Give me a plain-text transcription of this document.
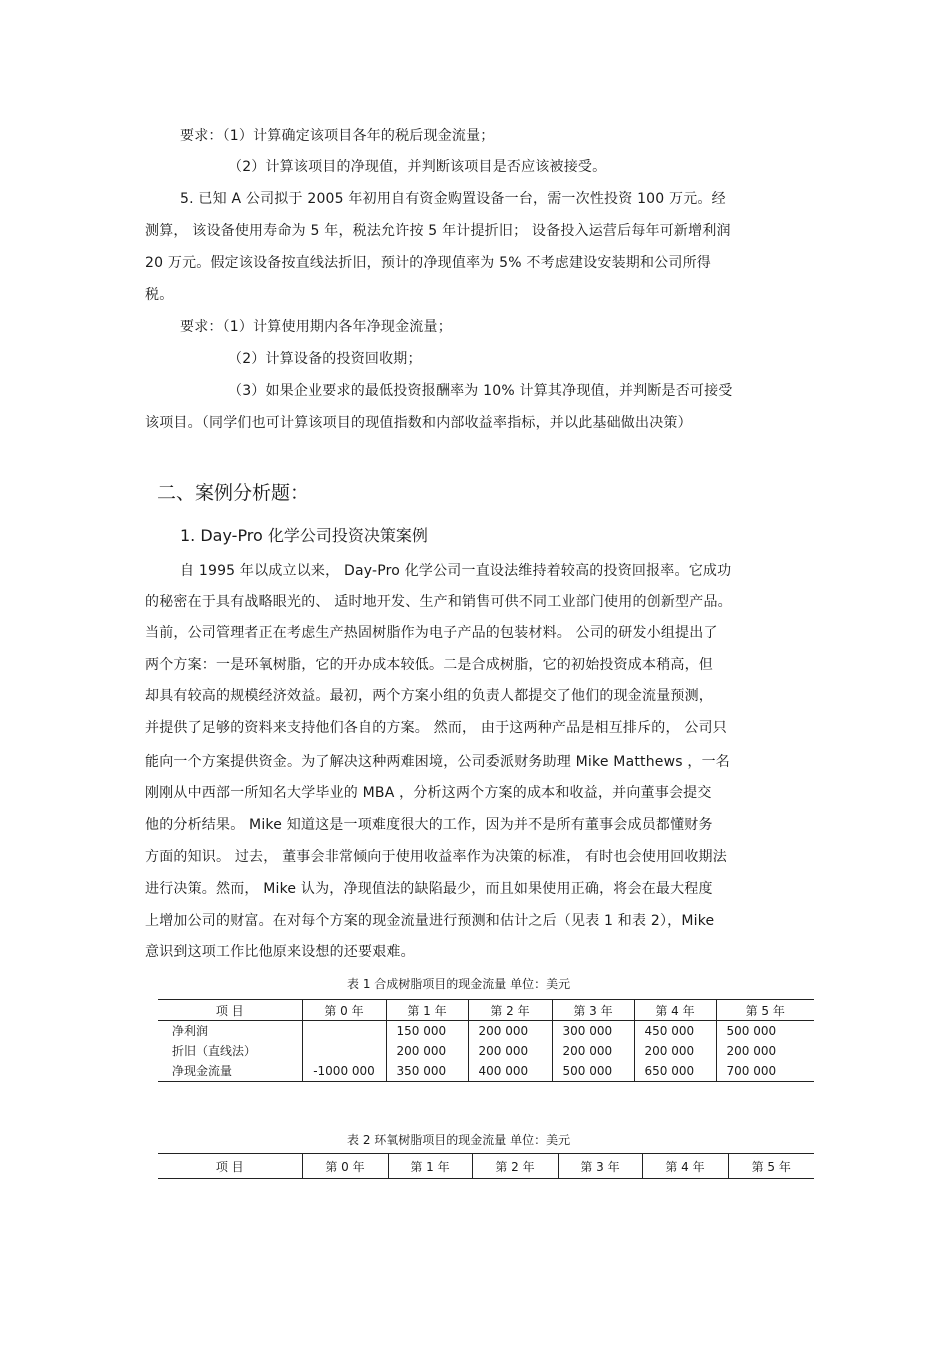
要求：（1）计算确定该项目各年的税后现金流量；
（2）计算该项目的净现值，并判断该项目是否应该被接受。
5. 已知 A 公司拟于 2005 年初用自有资金购置设备一台，需一次性投资 100 万元。经
测算， 该设备使用寿命为 5 年，税法允许按 5 年计提折旧； 设备投入运营后每年可新增利润
20 万元。假定该设备按直线法折旧，预计的净现值率为 5% 不考虑建设安装期和公司所得
税。
要求：（1）计算使用期内各年净现金流量；
（2）计算设备的投资回收期；
（3）如果企业要求的最低投资报酬率为 10% 计算其净现值，并判断是否可接受
该项目。（同学们也可计算该项目的现值指数和内部收益率指标，并以此基础做出决策）
二、案例分析题：
1. Day-Pro 化学公司投资决策案例
自 1995 年以成立以来， Day-Pro 化学公司一直设法维持着较高的投资回报率。它成功
的秘密在于具有战略眼光的、 适时地开发、生产和销售可供不同工业部门使用的创新型产品。
当前，公司管理者正在考虑生产热固树脂作为电子产品的包装材料。 公司的研发小组提出了
两个方案：一是环氧树脂，它的开办成本较低。二是合成树脂，它的初始投资成本稍高，但
却具有较高的规模经济效益。最初，两个方案小组的负责人都提交了他们的现金流量预测，
并提供了足够的资料来支持他们各自的方案。 然而， 由于这两种产品是相互排斥的， 公司只
能向一个方案提供资金。为了解决这种两难困境，公司委派财务助理 Mike Matthews ，一名
刚刚从中西部一所知名大学毕业的 MBA ，分析这两个方案的成本和收益，并向董事会提交
他的分析结果。 Mike 知道这是一项难度很大的工作，因为并不是所有董事会成员都懂财务
方面的知识。 过去， 董事会非常倾向于使用收益率作为决策的标准， 有时也会使用回收期法
进行决策。然而， Mike 认为，净现值法的缺陷最少，而且如果使用正确，将会在最大程度
上增加公司的财富。在对每个方案的现金流量进行预测和估计之后（见表 1 和表 2），Mike
意识到这项工作比他原来设想的还要艰难。
表 1 合成树脂项目的现金流量 单位：美元
项 目	第 0 年	第 1 年	第 2 年	第 3 年	第 4 年	第 5 年
净利润		150 000	200 000	300 000	450 000	500 000
折旧（直线法）		200 000	200 000	200 000	200 000	200 000
净现金流量	-1000 000	350 000	400 000	500 000	650 000	700 000
表 2 环氧树脂项目的现金流量 单位：美元
项 目	第 0 年	第 1 年	第 2 年	第 3 年	第 4 年	第 5 年
